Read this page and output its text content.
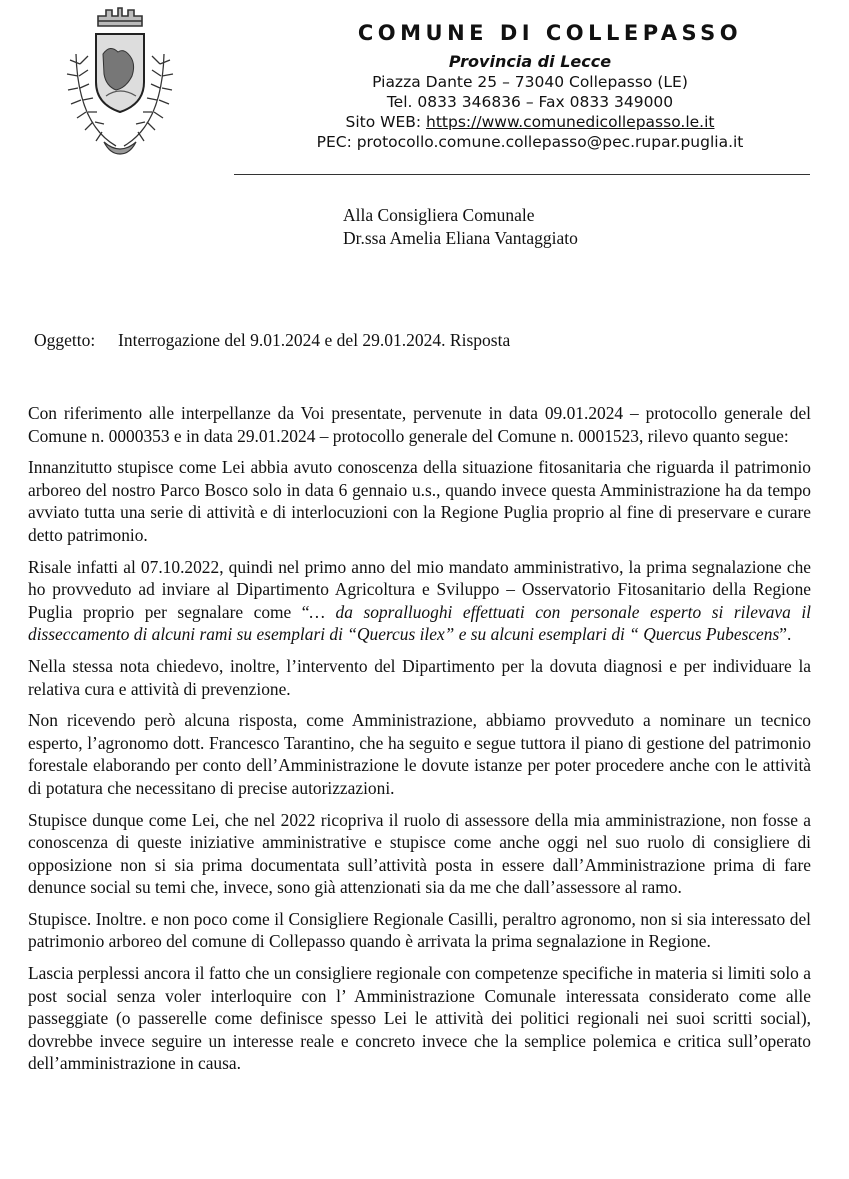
COMUNE DI COLLEPASSO
Provincia di Lecce
Piazza Dante 25 – 73040 Collepasso (LE)
Tel. 0833 346836 – Fax 0833 349000
Sito WEB: https://www.comunedicollepasso.le.it
PEC: protocollo.comune.collepasso@pec.rupar.puglia.it
Alla Consigliera Comunale
Dr.ssa Amelia Eliana Vantaggiato
Oggetto: Interrogazione del 9.01.2024 e del 29.01.2024. Risposta

Con riferimento alle interpellanze da Voi presentate, pervenute in data 09.01.2024 – protocollo generale del Comune n. 0000353 e in data 29.01.2024 – protocollo generale del Comune n. 0001523, rilevo quanto segue:

Innanzitutto stupisce come Lei abbia avuto conoscenza della situazione fitosanitaria che riguarda il patrimonio arboreo del nostro Parco Bosco solo in data 6 gennaio u.s., quando invece questa Amministrazione ha da tempo avviato tutta una serie di attività e di interlocuzioni con la Regione Puglia proprio al fine di preservare e curare detto patrimonio.

Risale infatti al 07.10.2022, quindi nel primo anno del mio mandato amministrativo, la prima segnalazione che ho provveduto ad inviare al Dipartimento Agricoltura e Sviluppo – Osservatorio Fitosanitario della Regione Puglia proprio per segnalare come “… da sopralluoghi effettuati con personale esperto si rilevava il disseccamento di alcuni rami su esemplari di “Quercus ilex” e su alcuni esemplari di “ Quercus Pubescens”.

Nella stessa nota chiedevo, inoltre, l’intervento del Dipartimento per la dovuta diagnosi e per individuare la relativa cura e attività di prevenzione.

Non ricevendo però alcuna risposta, come Amministrazione, abbiamo provveduto a nominare un tecnico esperto, l’agronomo dott. Francesco Tarantino, che ha seguito e segue tuttora il piano di gestione del patrimonio forestale elaborando per conto dell’Amministrazione le dovute istanze per poter procedere anche con le attività di potatura che necessitano di precise autorizzazioni.

Stupisce dunque come Lei, che nel 2022 ricopriva il ruolo di assessore della mia amministrazione, non fosse a conoscenza di queste iniziative amministrative e stupisce come anche oggi nel suo ruolo di consigliere di opposizione non si sia prima documentata sull’attività posta in essere dall’Amministrazione prima di fare denunce social su temi che, invece, sono già attenzionati sia da me che dall’assessore al ramo.

Stupisce. Inoltre. e non poco come il Consigliere Regionale Casilli, peraltro agronomo, non si sia interessato del patrimonio arboreo del comune di Collepasso quando è arrivata la prima segnalazione in Regione.

Lascia perplessi ancora il fatto che un consigliere regionale con competenze specifiche in materia si limiti solo a post social senza voler interloquire con l’ Amministrazione Comunale interessata considerato come alle passeggiate (o passerelle come definisce spesso Lei le attività dei politici regionali nei suoi scritti social), dovrebbe invece seguire un interesse reale e concreto invece che la semplice polemica e critica sull’operato dell’amministrazione in causa.
